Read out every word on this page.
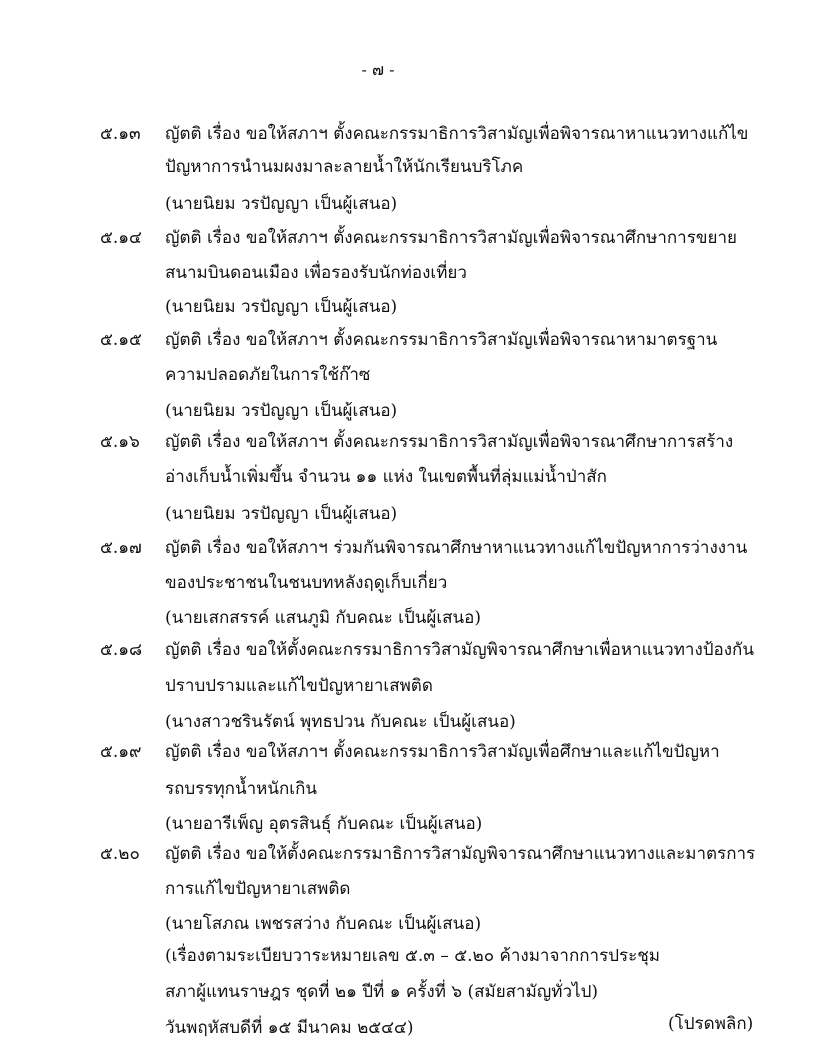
- ๗ -
๕.๑๓	ญัตติ เรื่อง ขอให้สภาฯ ตั้งคณะกรรมาธิการวิสามัญเพื่อพิจารณาหาแนวทางแก้ไข
ปัญหาการนำนมผงมาละลายน้ำให้นักเรียนบริโภค
(นายนิยม วรปัญญา เป็นผู้เสนอ)
๕.๑๔	ญัตติ เรื่อง ขอให้สภาฯ ตั้งคณะกรรมาธิการวิสามัญเพื่อพิจารณาศึกษาการขยาย
สนามบินดอนเมือง เพื่อรองรับนักท่องเที่ยว
(นายนิยม วรปัญญา เป็นผู้เสนอ)
๕.๑๕	ญัตติ เรื่อง ขอให้สภาฯ ตั้งคณะกรรมาธิการวิสามัญเพื่อพิจารณาหามาตรฐาน
ความปลอดภัยในการใช้ก๊าซ
(นายนิยม วรปัญญา เป็นผู้เสนอ)
๕.๑๖	ญัตติ เรื่อง ขอให้สภาฯ ตั้งคณะกรรมาธิการวิสามัญเพื่อพิจารณาศึกษาการสร้าง
อ่างเก็บน้ำเพิ่มขึ้น จำนวน ๑๑ แห่ง ในเขตพื้นที่ลุ่มแม่น้ำป่าสัก
(นายนิยม วรปัญญา เป็นผู้เสนอ)
๕.๑๗	ญัตติ เรื่อง ขอให้สภาฯ ร่วมกันพิจารณาศึกษาหาแนวทางแก้ไขปัญหาการว่างงาน
ของประชาชนในชนบทหลังฤดูเก็บเกี่ยว
(นายเสกสรรค์ แสนภูมิ กับคณะ เป็นผู้เสนอ)
๕.๑๘	ญัตติ เรื่อง ขอให้ตั้งคณะกรรมาธิการวิสามัญพิจารณาศึกษาเพื่อหาแนวทางป้องกัน
ปราบปรามและแก้ไขปัญหายาเสพติด
(นางสาวชรินรัตน์ พุทธปวน กับคณะ เป็นผู้เสนอ)
๕.๑๙	ญัตติ เรื่อง ขอให้สภาฯ ตั้งคณะกรรมาธิการวิสามัญเพื่อศึกษาและแก้ไขปัญหา
รถบรรทุกน้ำหนักเกิน
(นายอารีเพ็ญ อุตรสินธุ์ กับคณะ เป็นผู้เสนอ)
๕.๒๐	ญัตติ เรื่อง ขอให้ตั้งคณะกรรมาธิการวิสามัญพิจารณาศึกษาแนวทางและมาตรการ
การแก้ไขปัญหายาเสพติด
(นายโสภณ เพชรสว่าง กับคณะ เป็นผู้เสนอ)
(เรื่องตามระเบียบวาระหมายเลข ๕.๓ – ๕.๒๐ ค้างมาจากการประชุม
สภาผู้แทนราษฎร ชุดที่ ๒๑ ปีที่ ๑ ครั้งที่ ๖ (สมัยสามัญทั่วไป)
วันพฤหัสบดีที่ ๑๕ มีนาคม ๒๕๔๔)	(โปรดพลิก)
